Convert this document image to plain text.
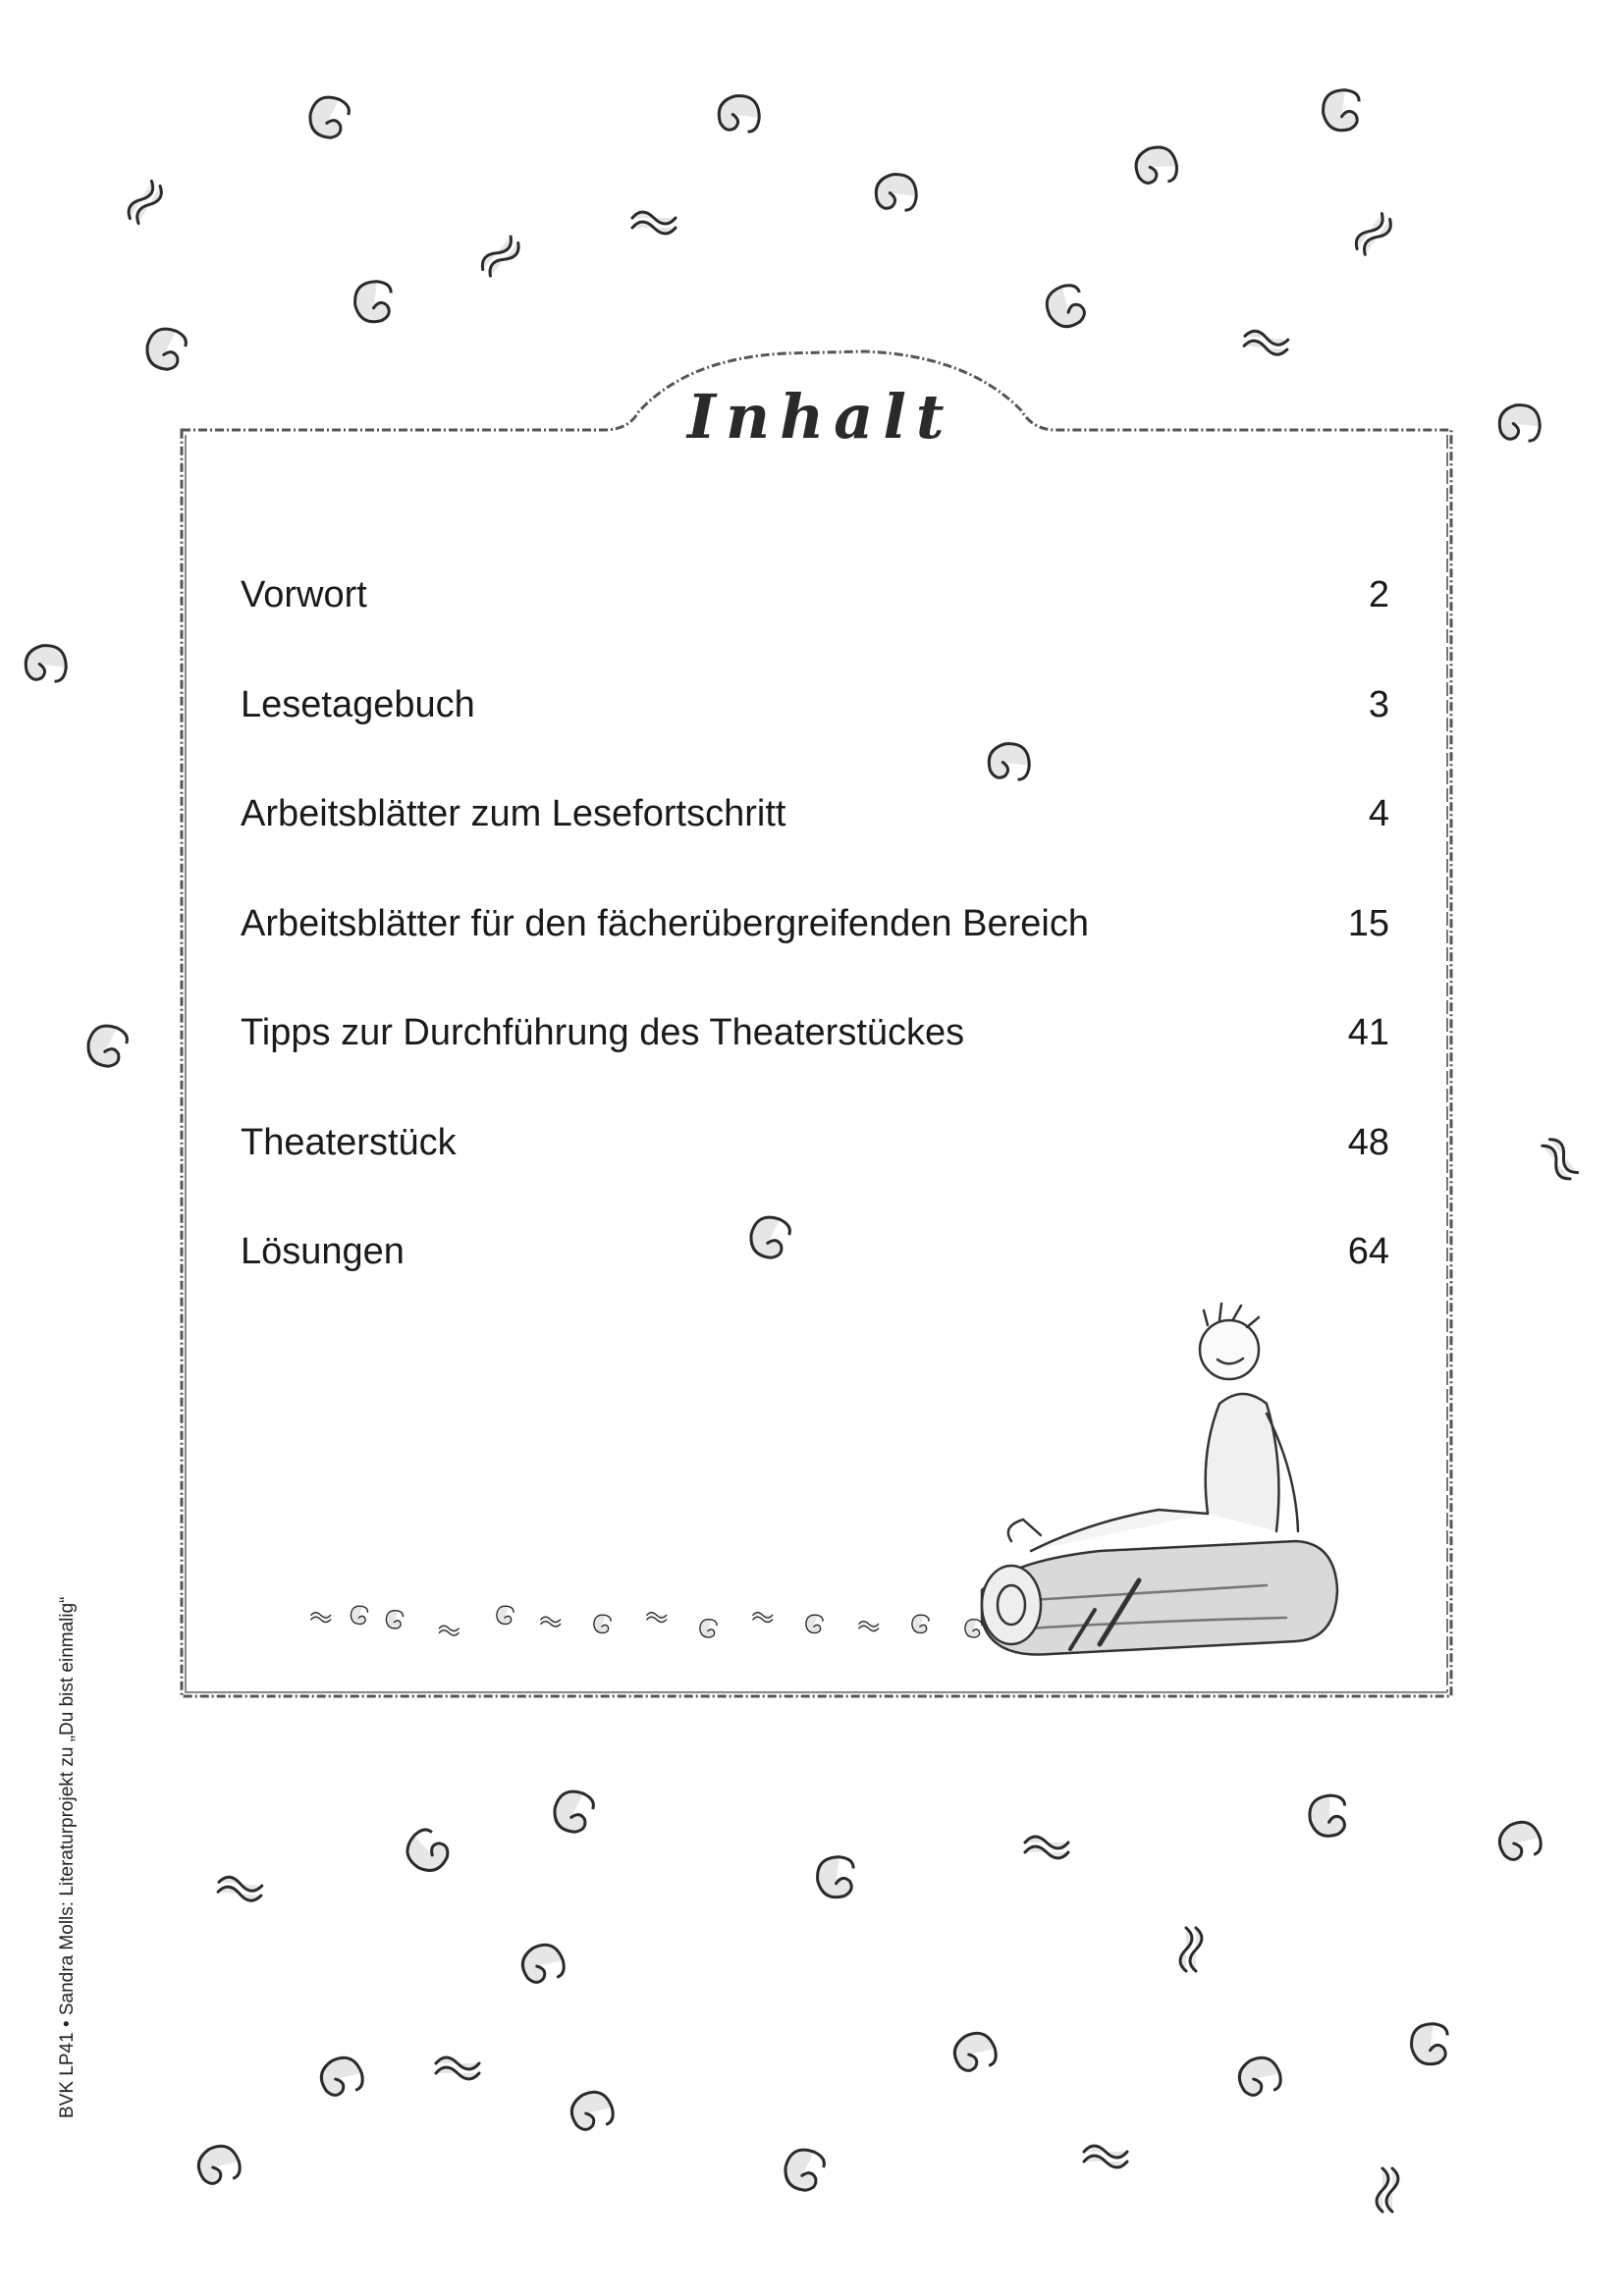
Inhalt
Vorwort	2
Lesetagebuch	3
Arbeitsblätter zum Lesefortschritt	4
Arbeitsblätter für den fächerübergreifenden Bereich	15
Tipps zur Durchführung des Theaterstückes	41
Theaterstück	48
Lösungen	64
BVK LP41 • Sandra Molls: Literaturprojekt zu „Du bist einmalig“
